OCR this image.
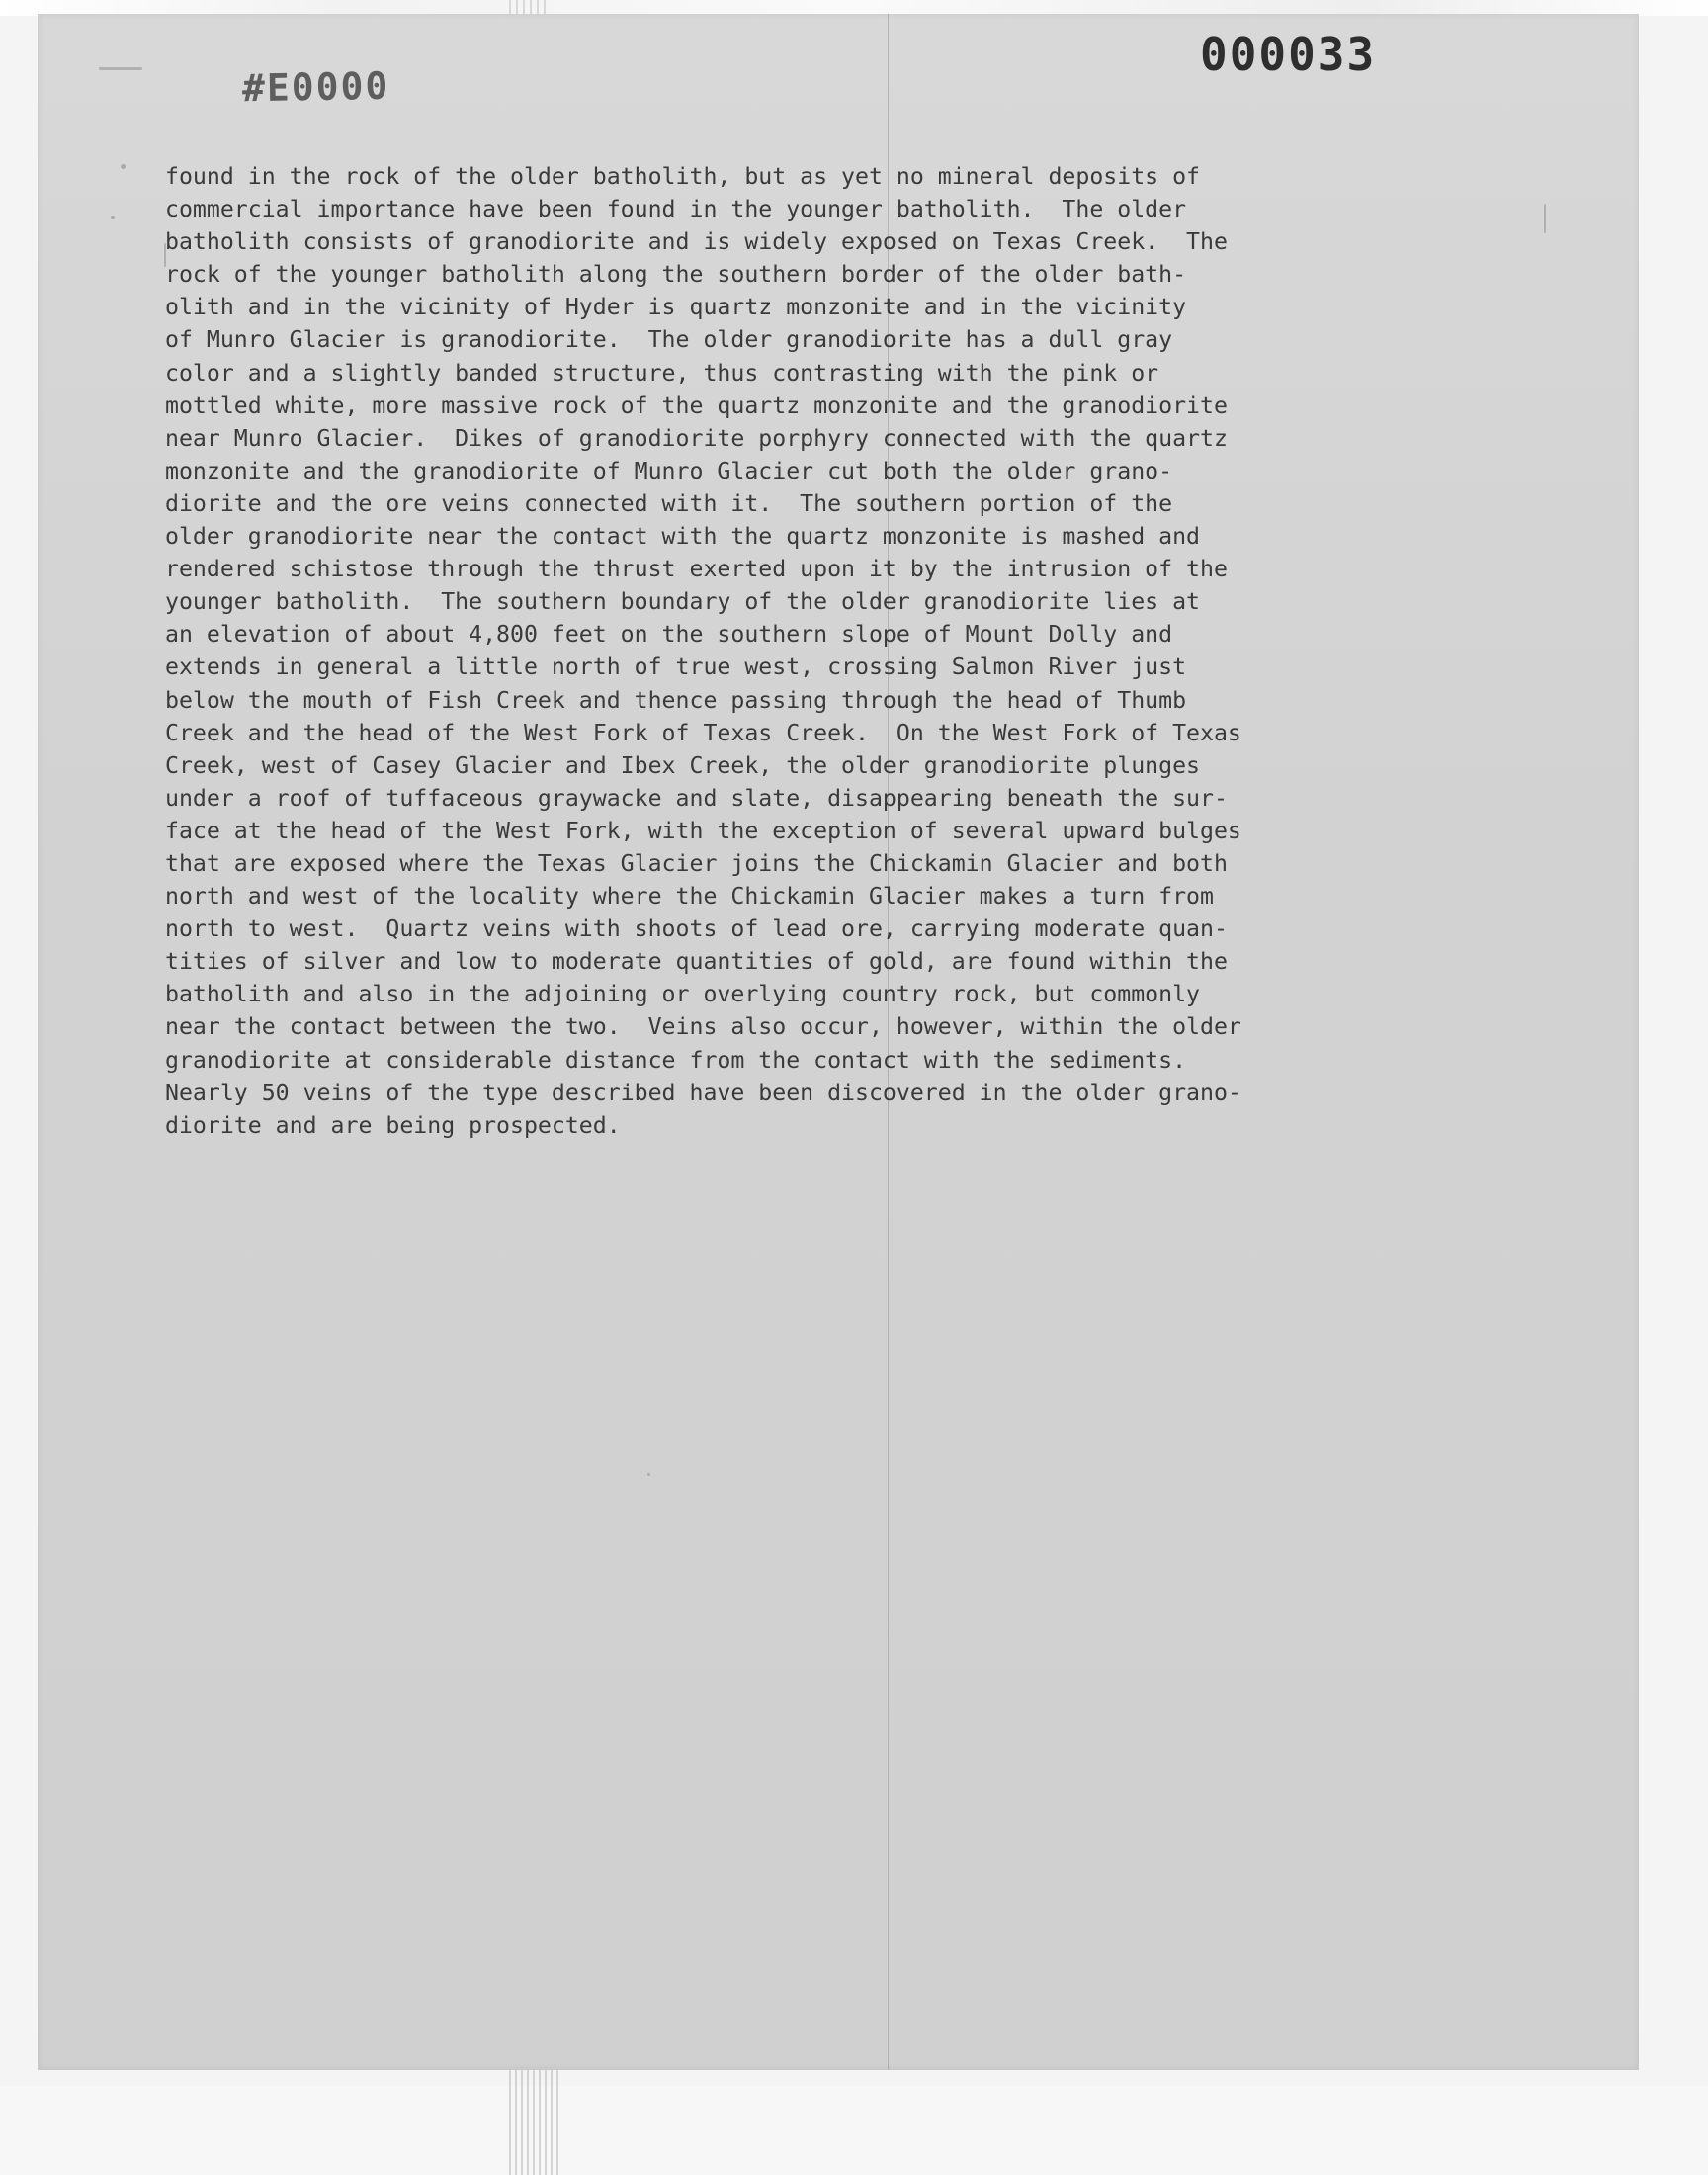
#E0000
000033
found in the rock of the older batholith, but as yet no mineral deposits of
commercial importance have been found in the younger batholith.  The older
batholith consists of granodiorite and is widely exposed on Texas Creek.  The
rock of the younger batholith along the southern border of the older bath-
olith and in the vicinity of Hyder is quartz monzonite and in the vicinity
of Munro Glacier is granodiorite.  The older granodiorite has a dull gray
color and a slightly banded structure, thus contrasting with the pink or
mottled white, more massive rock of the quartz monzonite and the granodiorite
near Munro Glacier.  Dikes of granodiorite porphyry connected with the quartz
monzonite and the granodiorite of Munro Glacier cut both the older grano-
diorite and the ore veins connected with it.  The southern portion of the
older granodiorite near the contact with the quartz monzonite is mashed and
rendered schistose through the thrust exerted upon it by the intrusion of the
younger batholith.  The southern boundary of the older granodiorite lies at
an elevation of about 4,800 feet on the southern slope of Mount Dolly and
extends in general a little north of true west, crossing Salmon River just
below the mouth of Fish Creek and thence passing through the head of Thumb
Creek and the head of the West Fork of Texas Creek.  On the West Fork of Texas
Creek, west of Casey Glacier and Ibex Creek, the older granodiorite plunges
under a roof of tuffaceous graywacke and slate, disappearing beneath the sur-
face at the head of the West Fork, with the exception of several upward bulges
that are exposed where the Texas Glacier joins the Chickamin Glacier and both
north and west of the locality where the Chickamin Glacier makes a turn from
north to west.  Quartz veins with shoots of lead ore, carrying moderate quan-
tities of silver and low to moderate quantities of gold, are found within the
batholith and also in the adjoining or overlying country rock, but commonly
near the contact between the two.  Veins also occur, however, within the older
granodiorite at considerable distance from the contact with the sediments.
Nearly 50 veins of the type described have been discovered in the older grano-
diorite and are being prospected.
